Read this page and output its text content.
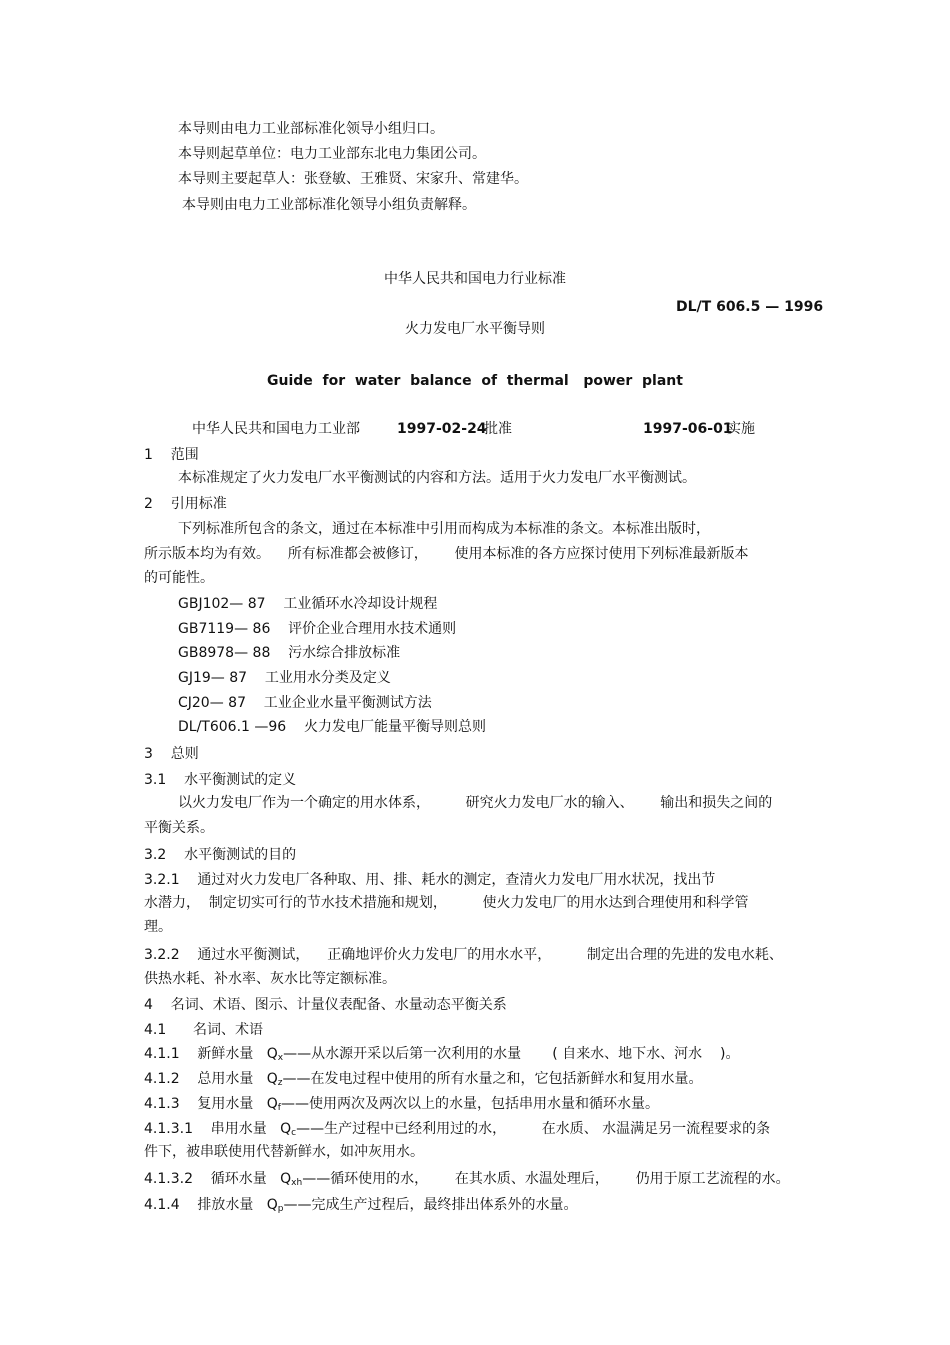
本导则由电力工业部标准化领导小组归口。
本导则起草单位：电力工业部东北电力集团公司。
本导则主要起草人：张登敏、王雅贤、宋家升、常建华。
本导则由电力工业部标准化领导小组负责解释。
中华人民共和国电力行业标准
DL/T 606.5 — 1996
火力发电厂水平衡导则
Guide  for  water  balance  of  thermal   power  plant
中华人民共和国电力工业部	1997-02-24
批准	1997-06-01
实施
1    范围
本标准规定了火力发电厂水平衡测试的内容和方法。适用于火力发电厂水平衡测试。
2    引用标准
下列标准所包含的条文，通过在本标准中引用而构成为本标准的条文。本标准出版时，
所示版本均为有效。    所有标准都会被修订，      使用本标准的各方应探讨使用下列标准最新版本
的可能性。
GBJ102— 87    工业循环水冷却设计规程
GB7119— 86    评价企业合理用水技术通则
GB8978— 88    污水综合排放标准
GJ19— 87    工业用水分类及定义
CJ20— 87    工业企业水量平衡测试方法
DL/T606.1 —96    火力发电厂能量平衡导则总则
3    总则
3.1    水平衡测试的定义
以火力发电厂作为一个确定的用水体系，        研究火力发电厂水的输入、      输出和损失之间的
平衡关系。
3.2    水平衡测试的目的
3.2.1    通过对火力发电厂各种取、用、排、耗水的测定，查清火力发电厂用水状况，找出节
水潜力，  制定切实可行的节水技术措施和规划，        使火力发电厂的用水达到合理使用和科学管
理。
3.2.2    通过水平衡测试，    正确地评价火力发电厂的用水水平，        制定出合理的先进的发电水耗、
供热水耗、补水率、灰水比等定额标准。
4    名词、术语、图示、计量仪表配备、水量动态平衡关系
4.1      名词、术语
4.1.1    新鲜水量   $Q_x——$从水源开采以后第一次利用的水量       ( 自来水、地下水、河水    )。
4.1.2    总用水量   $Q_z——$在发电过程中使用的所有水量之和，它包括新鲜水和复用水量。
4.1.3    复用水量   $Q_f——$使用两次及两次以上的水量，包括串用水量和循环水量。
4.1.3.1    串用水量   $Q_c——$生产过程中已经利用过的水，        在水质、 水温满足另一流程要求的条
件下，被串联使用代替新鲜水，如冲灰用水。
4.1.3.2    循环水量   $Q_{xh}——$循环使用的水，      在其水质、水温处理后，      仍用于原工艺流程的水。
4.1.4    排放水量   $Q_p——$完成生产过程后，最终排出体系外的水量。
